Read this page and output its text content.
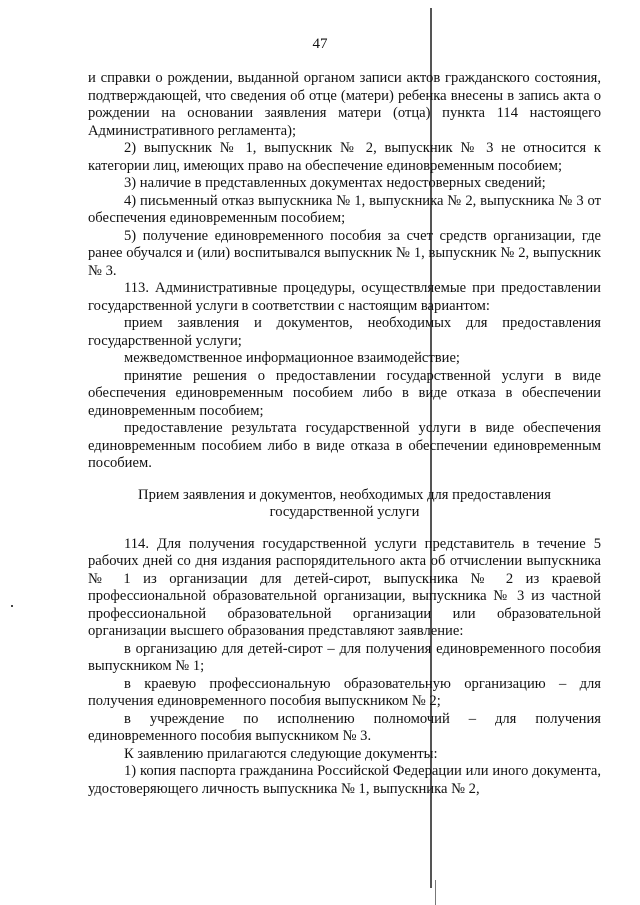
47

и справки о рождении, выданной органом записи актов гражданского состояния, подтверждающей, что сведения об отце (матери) ребенка внесены в запись акта о рождении на основании заявления матери (отца) пункта 114 настоящего Административного регламента);

2) выпускник № 1, выпускник № 2, выпускник № 3 не относится к категории лиц, имеющих право на обеспечение единовременным пособием;

3) наличие в представленных документах недостоверных сведений;

4) письменный отказ выпускника № 1, выпускника № 2, выпускника № 3 от обеспечения единовременным пособием;

5) получение единовременного пособия за счет средств организации, где ранее обучался и (или) воспитывался выпускник № 1, выпускник № 2, выпускник № 3.

113. Административные процедуры, осуществляемые при предоставлении государственной услуги в соответствии с настоящим вариантом:

прием заявления и документов, необходимых для предоставления государственной услуги;

межведомственное информационное взаимодействие;

принятие решения о предоставлении государственной услуги в виде обеспечения единовременным пособием либо в виде отказа в обеспечении единовременным пособием;

предоставление результата государственной услуги в виде обеспечения единовременным пособием либо в виде отказа в обеспечении единовременным пособием.

Прием заявления и документов, необходимых для предоставления государственной услуги

114. Для получения государственной услуги представитель в течение 5 рабочих дней со дня издания распорядительного акта об отчислении выпускника № 1 из организации для детей-сирот, выпускника № 2 из краевой профессиональной образовательной организации, выпускника № 3 из частной профессиональной образовательной организации или образовательной организации высшего образования представляют заявление:

в организацию для детей-сирот – для получения единовременного пособия выпускником № 1;

в краевую профессиональную образовательную организацию – для получения единовременного пособия выпускником № 2;

в учреждение по исполнению полномочий – для получения единовременного пособия выпускником № 3.

К заявлению прилагаются следующие документы:

1) копия паспорта гражданина Российской Федерации или иного документа, удостоверяющего личность выпускника № 1, выпускника № 2,
